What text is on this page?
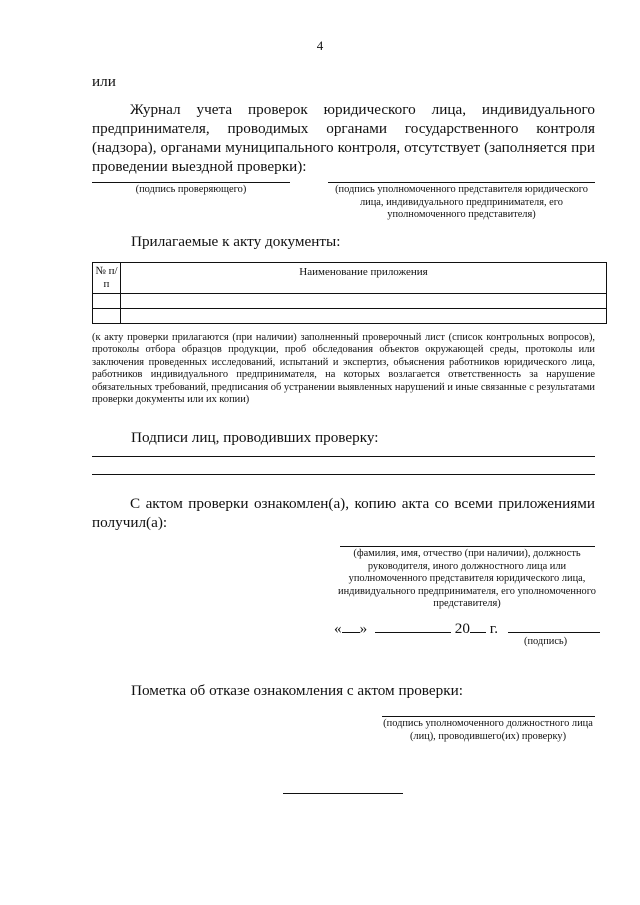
4
или
Журнал учета проверок юридического лица, индивидуального предпринимателя, проводимых органами государственного контроля (надзора), органами муниципального контроля, отсутствует (заполняется при проведении выездной проверки):
(подпись проверяющего)	(подпись уполномоченного представителя юридического лица, индивидуального предпринимателя, его уполномоченного представителя)
Прилагаемые к акту документы:
№ п/п	Наименование приложения

(к акту проверки прилагаются (при наличии) заполненный проверочный лист (список контрольных вопросов), протоколы отбора образцов продукции, проб обследования объектов окружающей среды, протоколы или заключения проведенных исследований, испытаний и экспертиз, объяснения работников юридического лица, работников индивидуального предпринимателя, на которых возлагается ответственность за нарушение обязательных требований, предписания об устранении выявленных нарушений и иные связанные с результатами проверки документы или их копии)
Подписи лиц, проводивших проверку:
С актом проверки ознакомлен(а), копию акта со всеми приложениями получил(а):
(фамилия, имя, отчество (при наличии), должность руководителя, иного должностного лица или уполномоченного представителя юридического лица, индивидуального предпринимателя, его уполномоченного представителя)
« »	20 г.
(подпись)
Пометка об отказе ознакомления с актом проверки:
(подпись уполномоченного должностного лица (лиц), проводившего(их) проверку)
